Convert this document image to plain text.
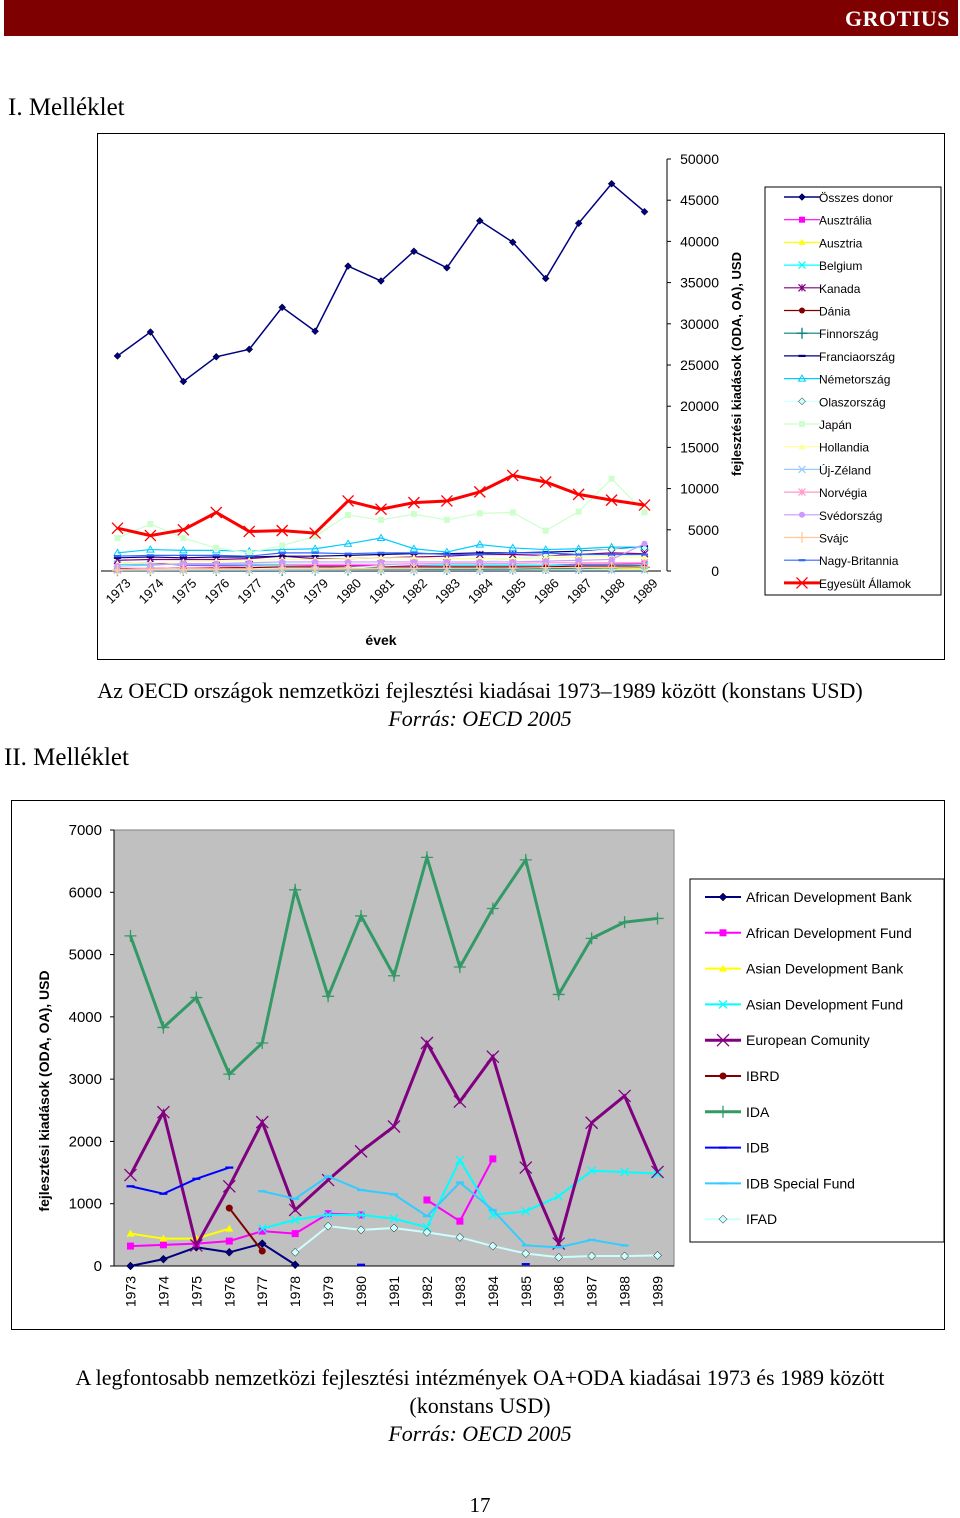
GROTIUS
I. Melléklet
0
5000
10000
15000
20000
25000
30000
35000
40000
45000
50000
1973 1974 1975 1976 1977 1978 1979 1980 1981 1982 1983 1984 1985 1986 1987 1988 1989
évek
fejlesztési kiadások (ODA, OA), USD
Összes donor
Ausztrália
Ausztria
Belgium
Kanada
Dánia
Finnország
Franciaország
Németország
Olaszország
Japán
Hollandia
Új-Zéland
Norvégia
Svédország
Svájc
Nagy-Britannia
Egyesült Államok
Az OECD országok nemzetközi fejlesztési kiadásai 1973–1989 között (konstans USD)
Forrás: OECD 2005
II. Melléklet
0
1000
2000
3000
4000
5000
6000
7000
1973 1974 1975 1976 1977 1978 1979 1980 1981 1982 1983 1984 1985 1986 1987 1988 1989
fejlesztési kiadások (ODA, OA), USD
African Development Bank
African Development Fund
Asian Development Bank
Asian Development Fund
European Comunity
IBRD
IDA
IDB
IDB Special Fund
IFAD
A legfontosabb nemzetközi fejlesztési intézmények OA+ODA kiadásai 1973 és 1989 között
(konstans USD)
Forrás: OECD 2005
17
